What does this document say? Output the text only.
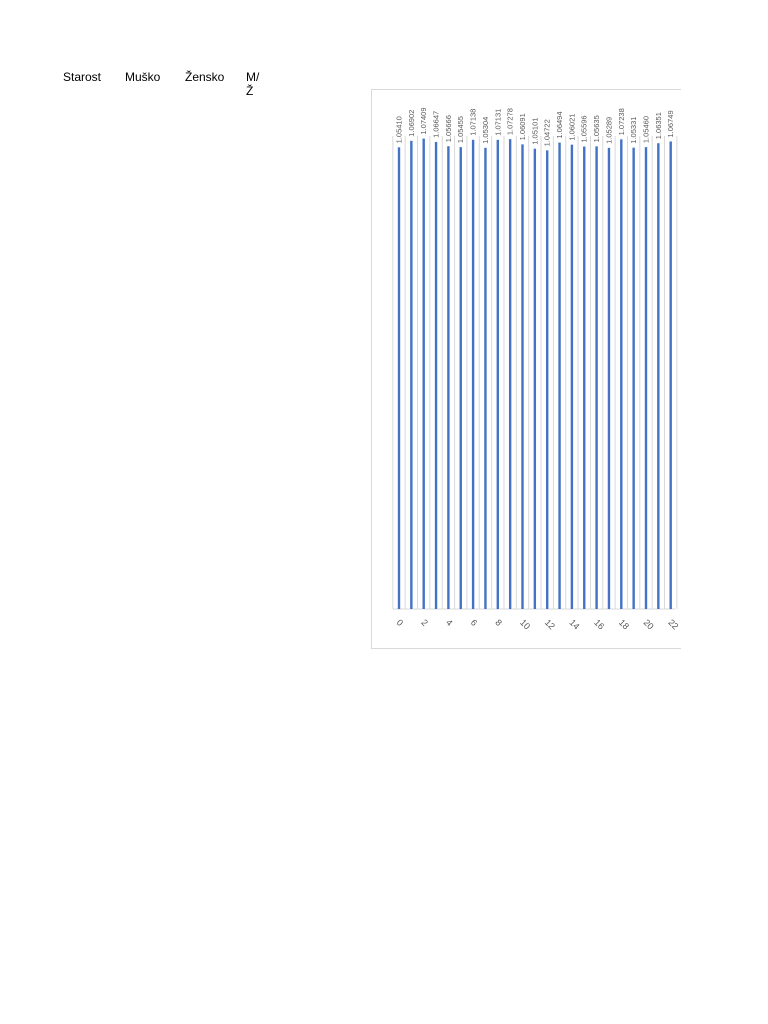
Starost Muško Žensko M/Ž
1.05410 1.06902 1.07409 1.06647 1.05666 1.05455 1.07138 1.05304 1.07131 1.07278 1.06091 1.05101 1.04722 1.06494 1.06021 1.05596 1.05635 1.05289 1.07238 1.05331 1.05460 1.06351 1.06749
0 2 4 6 8 10 12 14 16 18 20 22
